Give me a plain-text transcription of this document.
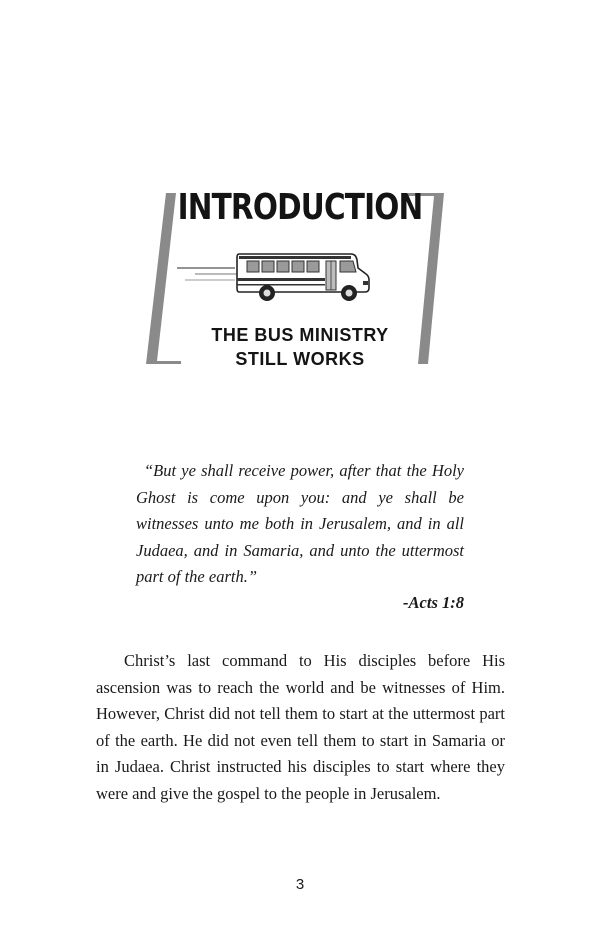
INTRODUCTION
THE BUS MINISTRY
STILL WORKS
“But ye shall receive power, after that the Holy Ghost is come upon you: and ye shall be witnesses unto me both in Jerusalem, and in all Judaea, and in Samaria, and unto the uttermost part of the earth.”
-Acts 1:8
Christ’s last command to His disciples before His ascension was to reach the world and be witnesses of Him. However, Christ did not tell them to start at the uttermost part of the earth. He did not even tell them to start in Samaria or in Judaea. Christ instructed his disciples to start where they were and give the gospel to the people in Jerusalem.
3
